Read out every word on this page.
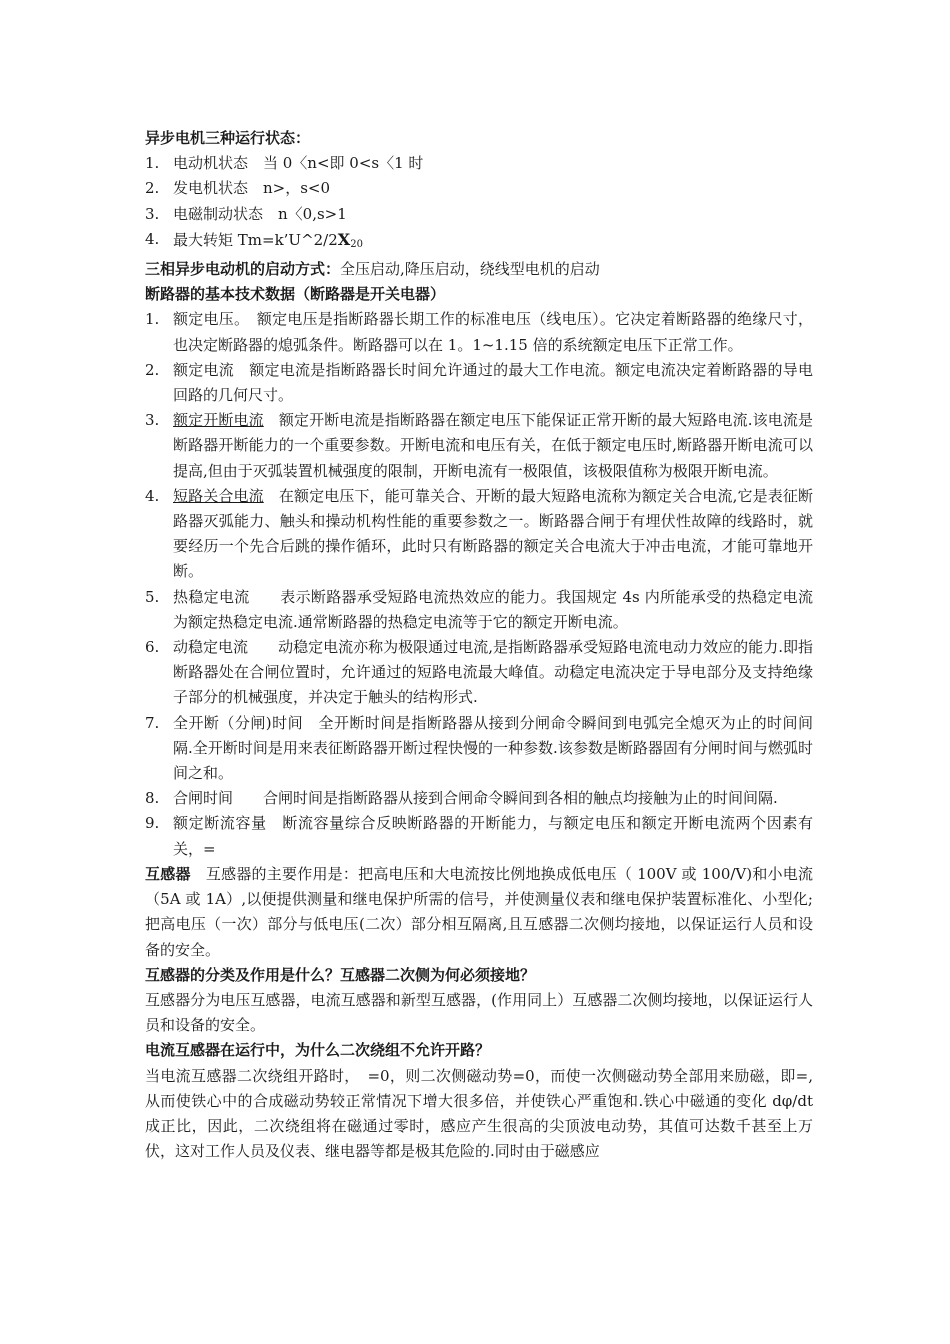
异步电机三种运行状态：

1. 电动机状态　当 0〈n<即 0<s〈1 时
2. 发电机状态　n>，s<0
3. 电磁制动状态　n〈0,s>1
4. 最大转矩 $Tm=k’U\^{}2/2X_{20}$

三相异步电动机的启动方式：全压启动,降压启动，绕线型电机的启动

断路器的基本技术数据（断路器是开关电器）

1. 额定电压。　额定电压是指断路器长期工作的标准电压（线电压）。它决定着断路器的绝缘尺寸，也决定断路器的熄弧条件。断路器可以在 1。1~1.15 倍的系统额定电压下正常工作。
2. 额定电流　额定电流是指断路器长时间允许通过的最大工作电流。额定电流决定着断路器的导电回路的几何尺寸。
3. 额定开断电流　额定开断电流是指断路器在额定电压下能保证正常开断的最大短路电流.该电流是断路器开断能力的一个重要参数。开断电流和电压有关，在低于额定电压时,断路器开断电流可以提高,但由于灭弧装置机械强度的限制，开断电流有一极限值，该极限值称为极限开断电流。
4. 短路关合电流　在额定电压下，能可靠关合、开断的最大短路电流称为额定关合电流,它是表征断路器灭弧能力、触头和操动机构性能的重要参数之一。断路器合闸于有埋伏性故障的线路时，就要经历一个先合后跳的操作循环，此时只有断路器的额定关合电流大于冲击电流，才能可靠地开断。
5. 热稳定电流　　表示断路器承受短路电流热效应的能力。我国规定 4s 内所能承受的热稳定电流为额定热稳定电流.通常断路器的热稳定电流等于它的额定开断电流。
6. 动稳定电流　　动稳定电流亦称为极限通过电流,是指断路器承受短路电流电动力效应的能力.即指断路器处在合闸位置时，允许通过的短路电流最大峰值。动稳定电流决定于导电部分及支持绝缘子部分的机械强度，并决定于触头的结构形式.
7. 全开断（分闸)时间　全开断时间是指断路器从接到分闸命令瞬间到电弧完全熄灭为止的时间间隔.全开断时间是用来表征断路器开断过程快慢的一种参数.该参数是断路器固有分闸时间与燃弧时间之和。
8. 合闸时间　　合闸时间是指断路器从接到合闸命令瞬间到各相的触点均接触为止的时间间隔.
9. 额定断流容量　断流容量综合反映断路器的开断能力，与额定电压和额定开断电流两个因素有关，=

互感器　互感器的主要作用是：把高电压和大电流按比例地换成低电压（ 100V 或 100/V)和小电流（5A 或 1A）,以便提供测量和继电保护所需的信号，并使测量仪表和继电保护装置标准化、小型化;把高电压（一次）部分与低电压(二次）部分相互隔离,且互感器二次侧均接地，以保证运行人员和设备的安全。

互感器的分类及作用是什么？互感器二次侧为何必须接地？

互感器分为电压互感器，电流互感器和新型互感器，(作用同上）互感器二次侧均接地，以保证运行人员和设备的安全。

电流互感器在运行中，为什么二次绕组不允许开路？

当电流互感器二次绕组开路时，　=0，则二次侧磁动势=0，而使一次侧磁动势全部用来励磁，即=,从而使铁心中的合成磁动势较正常情况下增大很多倍，并使铁心严重饱和.铁心中磁通的变化 dφ/dt 成正比，因此，二次绕组将在磁通过零时，感应产生很高的尖顶波电动势，其值可达数千甚至上万伏，这对工作人员及仪表、继电器等都是极其危险的.同时由于磁感应
